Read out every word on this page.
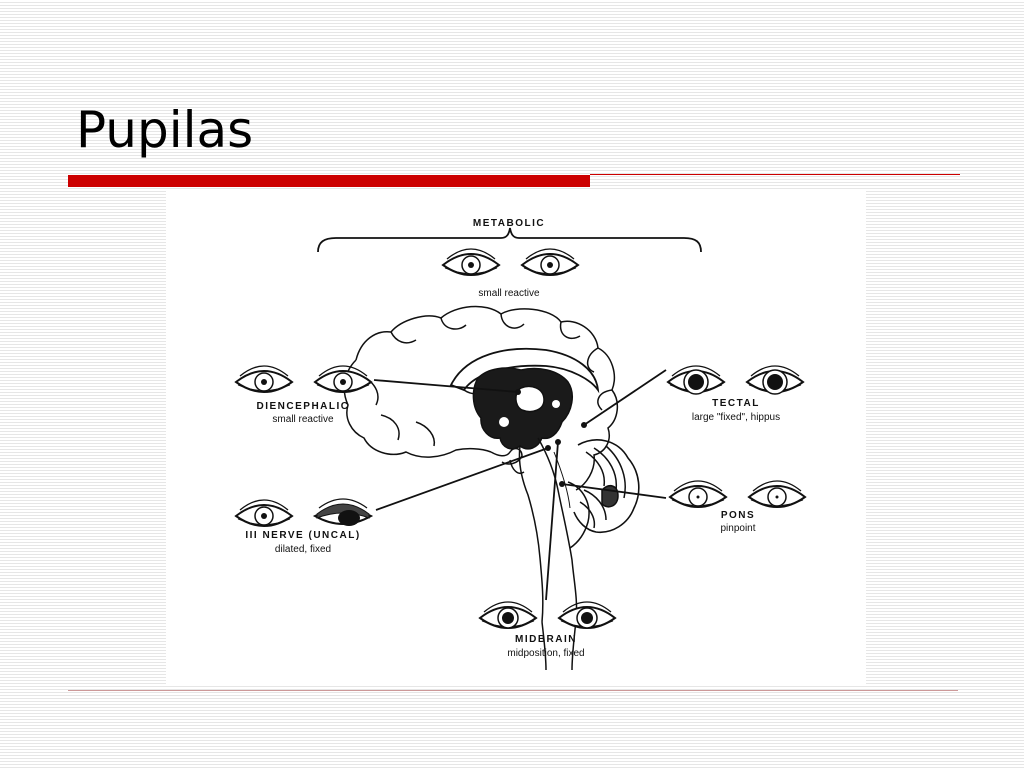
Pupilas
METABOLIC
small reactive
DIENCEPHALIC
small reactive
TECTAL
large "fixed", hippus
III NERVE (UNCAL)
dilated, fixed
PONS
pinpoint
MIDBRAIN
midposition, fixed
